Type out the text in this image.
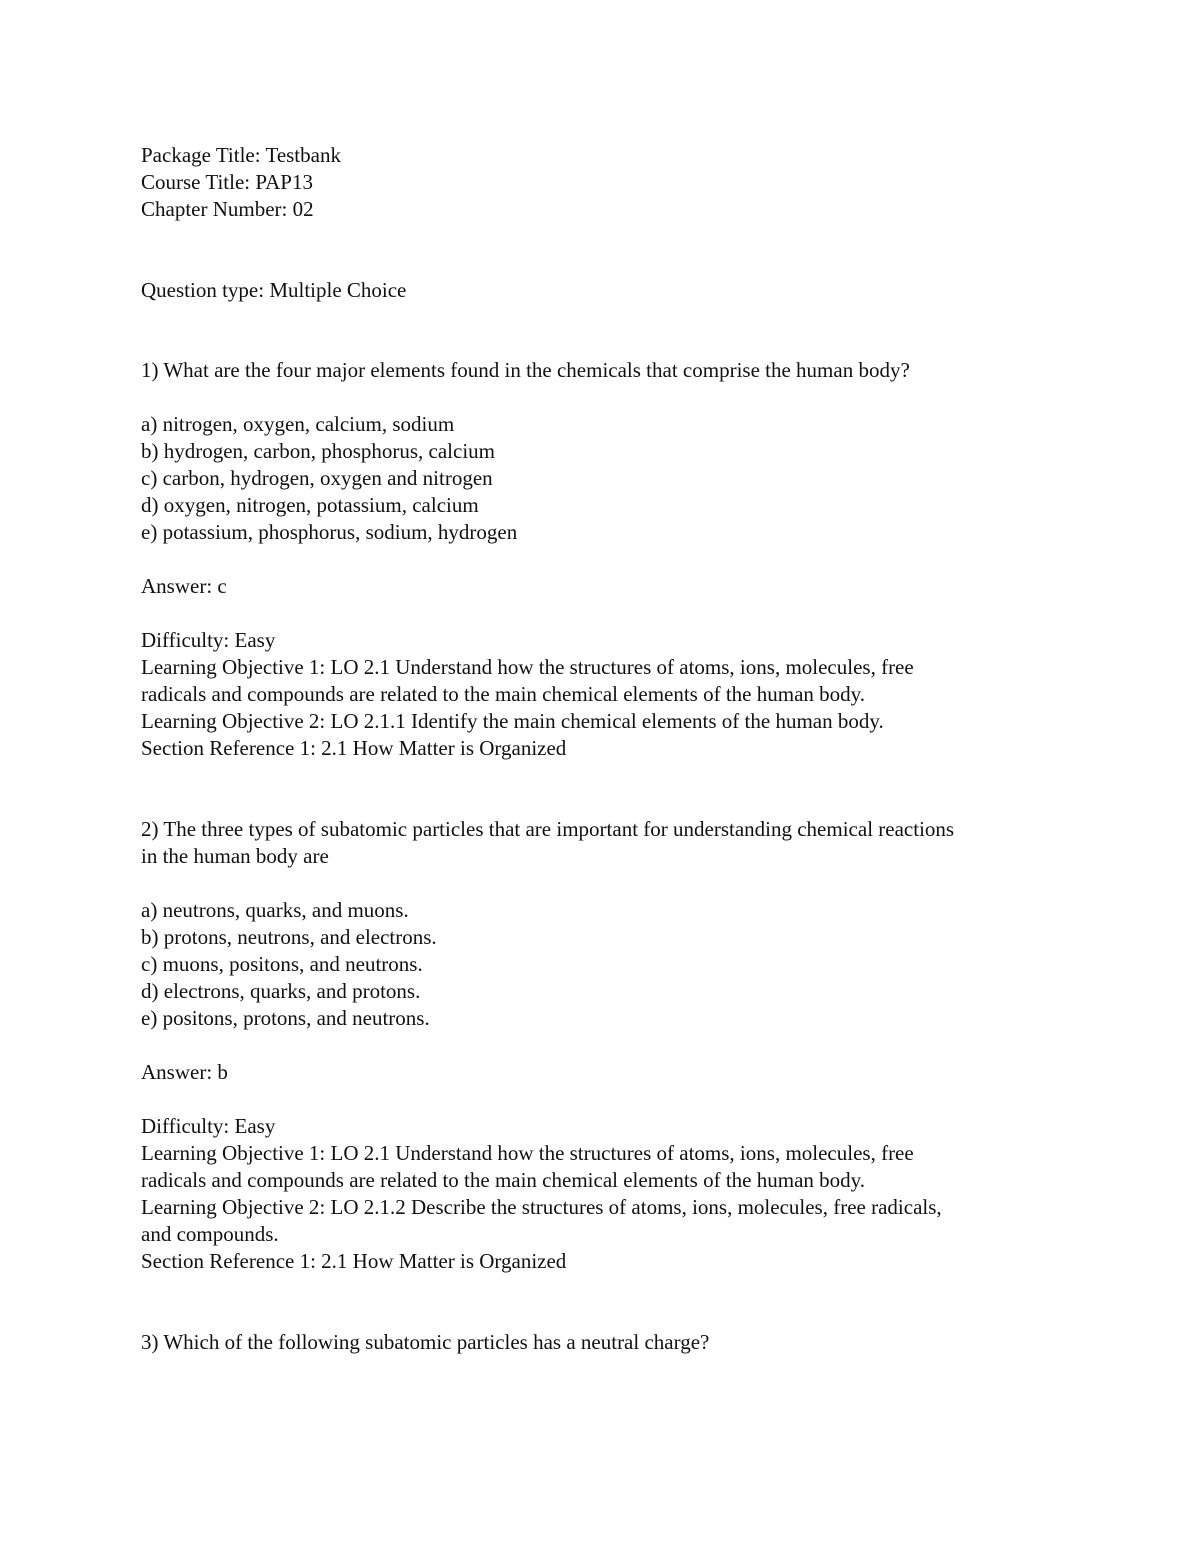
Package Title: Testbank
Course Title: PAP13
Chapter Number: 02
Question type: Multiple Choice
1) What are the four major elements found in the chemicals that comprise the human body?
a) nitrogen, oxygen, calcium, sodium
b) hydrogen, carbon, phosphorus, calcium
c) carbon, hydrogen, oxygen and nitrogen
d) oxygen, nitrogen, potassium, calcium
e) potassium, phosphorus, sodium, hydrogen
Answer: c
Difficulty: Easy
Learning Objective 1: LO 2.1 Understand how the structures of atoms, ions, molecules, free
radicals and compounds are related to the main chemical elements of the human body.
Learning Objective 2: LO 2.1.1 Identify the main chemical elements of the human body.
Section Reference 1: 2.1 How Matter is Organized
2) The three types of subatomic particles that are important for understanding chemical reactions
in the human body are
a) neutrons, quarks, and muons.
b) protons, neutrons, and electrons.
c) muons, positons, and neutrons.
d) electrons, quarks, and protons.
e) positons, protons, and neutrons.
Answer: b
Difficulty: Easy
Learning Objective 1: LO 2.1 Understand how the structures of atoms, ions, molecules, free
radicals and compounds are related to the main chemical elements of the human body.
Learning Objective 2: LO 2.1.2 Describe the structures of atoms, ions, molecules, free radicals,
and compounds.
Section Reference 1: 2.1 How Matter is Organized
3) Which of the following subatomic particles has a neutral charge?
